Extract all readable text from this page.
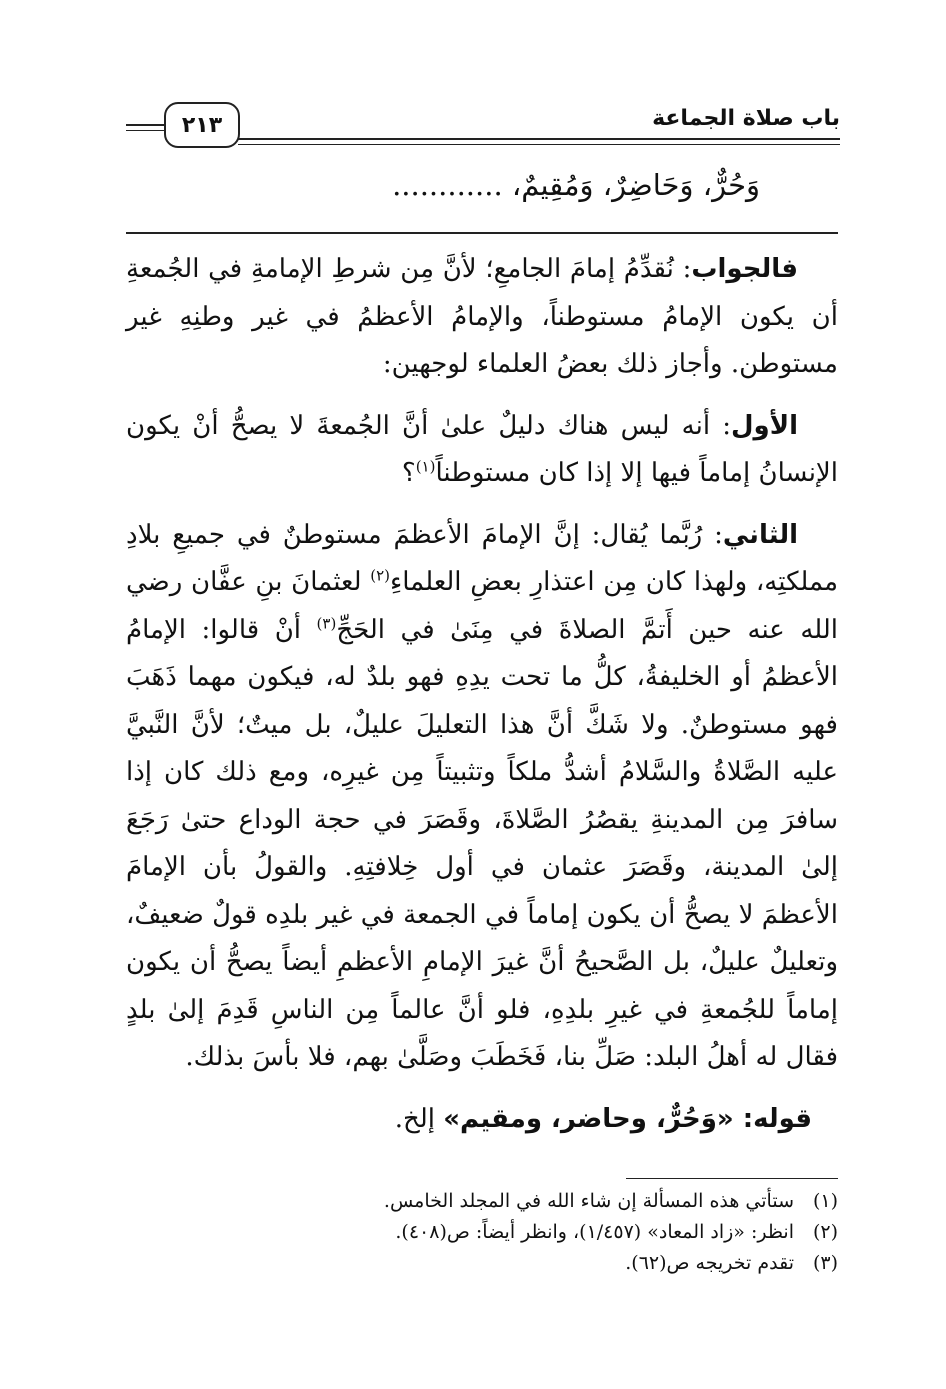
باب صلاة الجماعة
٢١٣
وَحُرٌّ، وَحَاضِرٌ، وَمُقِيمٌ، ............

فالجواب: نُقدِّمُ إمامَ الجامعِ؛ لأنَّ مِن شرطِ الإمامةِ في الجُمعةِ أن يكون الإمامُ مستوطناً، والإمامُ الأعظمُ في غير وطنِهِ غير مستوطن. وأجاز ذلك بعضُ العلماء لوجهين:

الأول: أنه ليس هناك دليلٌ علىٰ أنَّ الجُمعةَ لا يصحُّ أنْ يكون الإنسانُ إماماً فيها إلا إذا كان مستوطناً$^{(١)}$؟

الثاني: رُبَّما يُقال: إنَّ الإمامَ الأعظمَ مستوطنٌ في جميعِ بلادِ مملكتِه، ولهذا كان مِن اعتذارِ بعضِ العلماءِ$^{(٢)}$ لعثمانَ بنِ عفَّان رضي الله عنه حين أَتمَّ الصلاةَ في مِنَىٰ في الحَجِّ$^{(٣)}$ أنْ قالوا: الإمامُ الأعظمُ أو الخليفةُ، كلُّ ما تحت يدِهِ فهو بلدٌ له، فيكون مهما ذَهَبَ فهو مستوطنٌ. ولا شَكَّ أنَّ هذا التعليلَ عليلٌ، بل ميتٌ؛ لأنَّ النَّبيَّ عليه الصَّلاةُ والسَّلامُ أشدُّ ملكاً وتثبيتاً مِن غيرِه، ومع ذلك كان إذا سافرَ مِن المدينةِ يقصُرُ الصَّلاةَ، وقَصَرَ في حجة الوداع حتىٰ رَجَعَ إلىٰ المدينة، وقَصَرَ عثمان في أول خِلافتِهِ. والقولُ بأن الإمامَ الأعظمَ لا يصحُّ أن يكون إماماً في الجمعة في غير بلدِه قولٌ ضعيفٌ، وتعليلٌ عليلٌ، بل الصَّحيحُ أنَّ غيرَ الإمامِ الأعظمِ أيضاً يصحُّ أن يكون إماماً للجُمعةِ في غيرِ بلدِهِ، فلو أنَّ عالماً مِن الناسِ قَدِمَ إلىٰ بلدٍ فقال له أهلُ البلد: صَلِّ بنا، فَخَطَبَ وصَلَّىٰ بهم، فلا بأسَ بذلك.

قوله: «وَحُرٌّ، وحاضر، ومقيم» إلخ.

(١)
ستأتي هذه المسألة إن شاء الله في المجلد الخامس.
(٢)
انظر: «زاد المعاد» (١/٤٥٧)، وانظر أيضاً: ص(٤٠٨).
(٣)
تقدم تخريجه ص(٦٢).
